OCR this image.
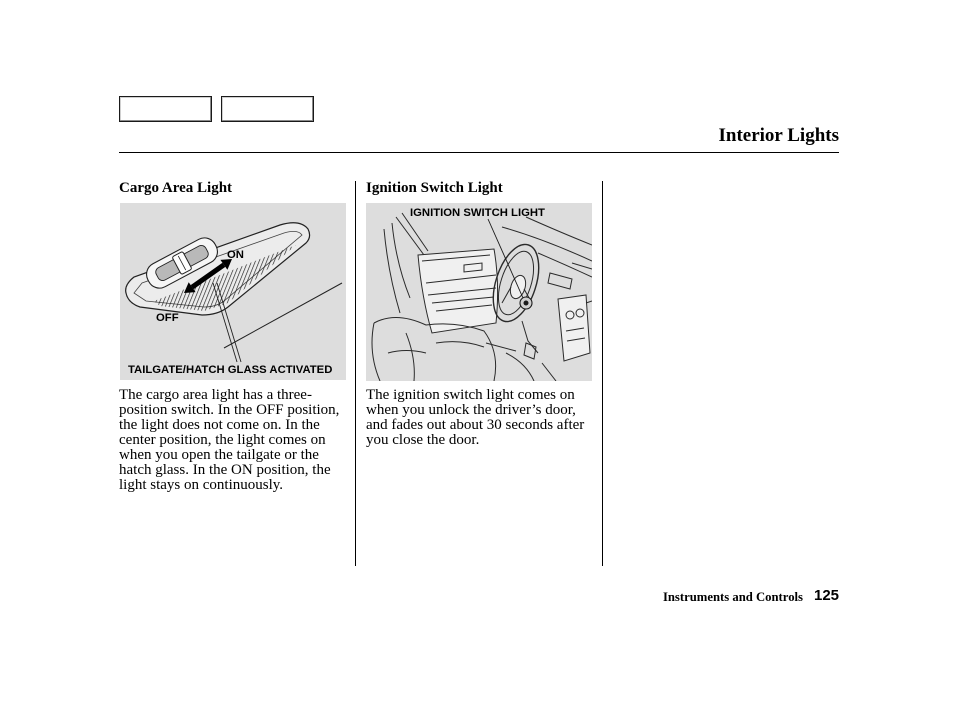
Interior Lights
Cargo Area Light
ON
OFF
TAILGATE/HATCH GLASS ACTIVATED
The cargo area light has a three-
position switch. In the OFF position,
the light does not come on. In the
center position, the light comes on
when you open the tailgate or the
hatch glass. In the ON position, the
light stays on continuously.
Ignition Switch Light
IGNITION SWITCH LIGHT
The ignition switch light comes on
when you unlock the driver’s door,
and fades out about 30 seconds after
you close the door.
Instruments and Controls 125
